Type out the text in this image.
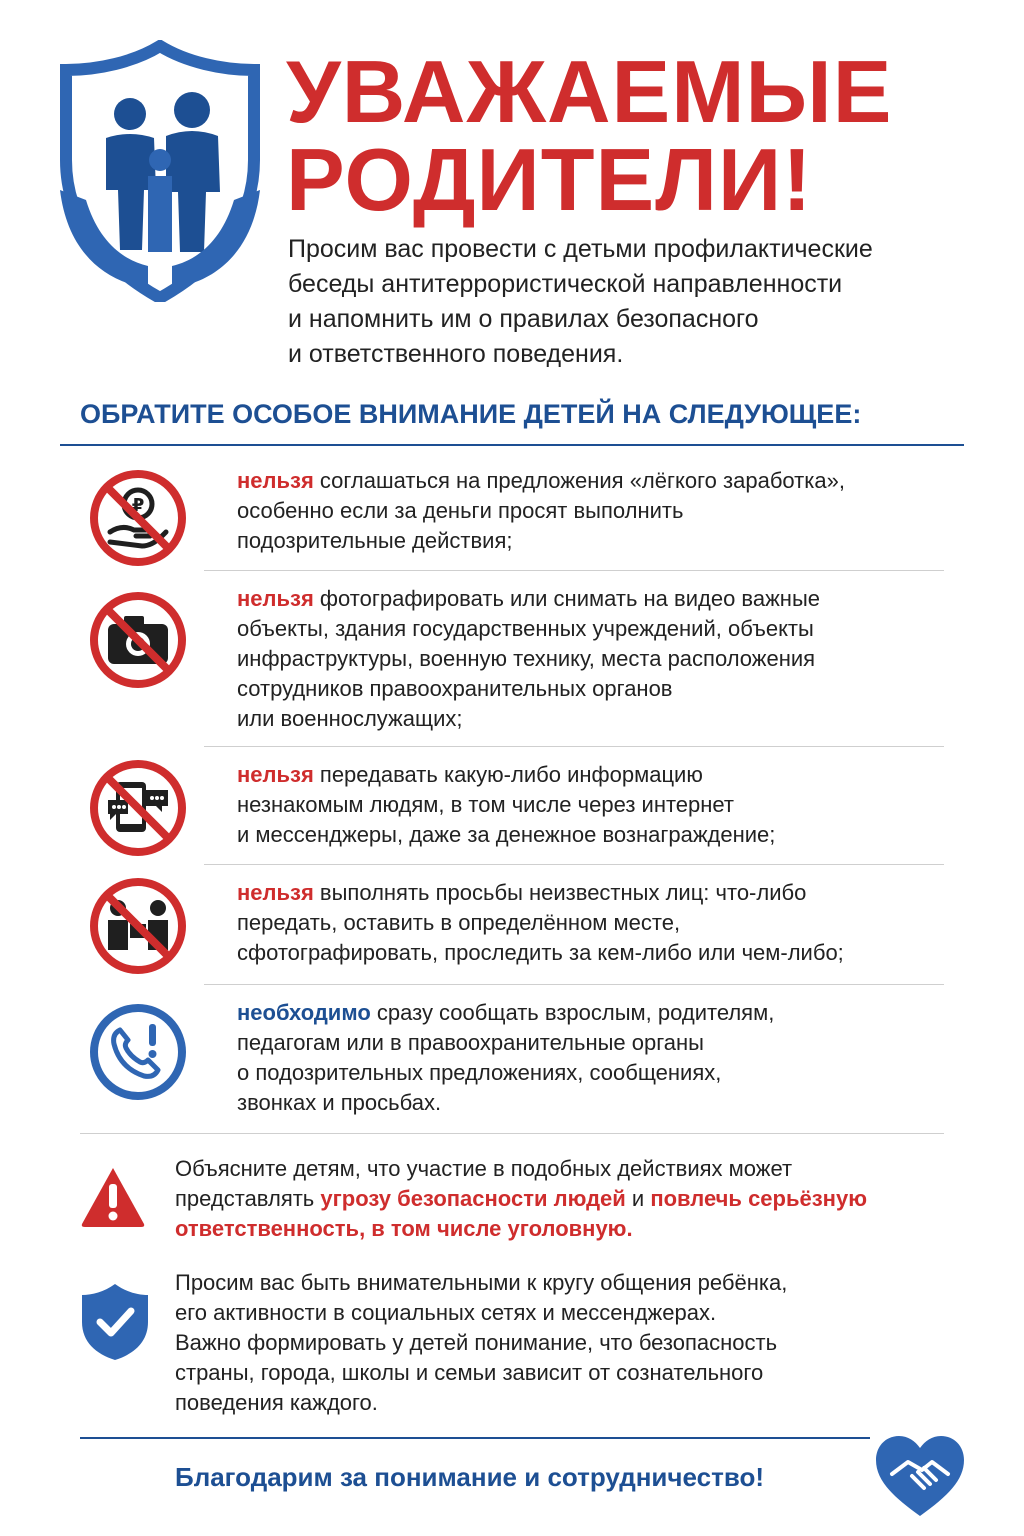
УВАЖАЕМЫЕ
РОДИТЕЛИ!

Просим вас провести с детьми профилактические
беседы антитеррористической направленности
и напомнить им о правилах безопасного
и ответственного поведения.

ОБРАТИТЕ ОСОБОЕ ВНИМАНИЕ ДЕТЕЙ НА СЛЕДУЮЩЕЕ:
₽

нельзя соглашаться на предложения «лёгкого заработка»,
особенно если за деньги просят выполнить
подозрительные действия;

нельзя фотографировать или снимать на видео важные
объекты, здания государственных учреждений, объекты
инфраструктуры, военную технику, места расположения
сотрудников правоохранительных органов
или военнослужащих;

нельзя передавать какую-либо информацию
незнакомым людям, в том числе через интернет
и мессенджеры, даже за денежное вознаграждение;

нельзя выполнять просьбы неизвестных лиц: что-либо
передать, оставить в определённом месте,
сфотографировать, проследить за кем-либо или чем-либо;

необходимо сразу сообщать взрослым, родителям,
педагогам или в правоохранительные органы
о подозрительных предложениях, сообщениях,
звонках и просьбах.

Объясните детям, что участие в подобных действиях может
представлять угрозу безопасности людей и повлечь серьёзную
ответственность, в том числе уголовную.

Просим вас быть внимательными к кругу общения ребёнка,
его активности в социальных сетях и мессенджерах.
Важно формировать у детей понимание, что безопасность
страны, города, школы и семьи зависит от сознательного
поведения каждого.

Благодарим за понимание и сотрудничество!
